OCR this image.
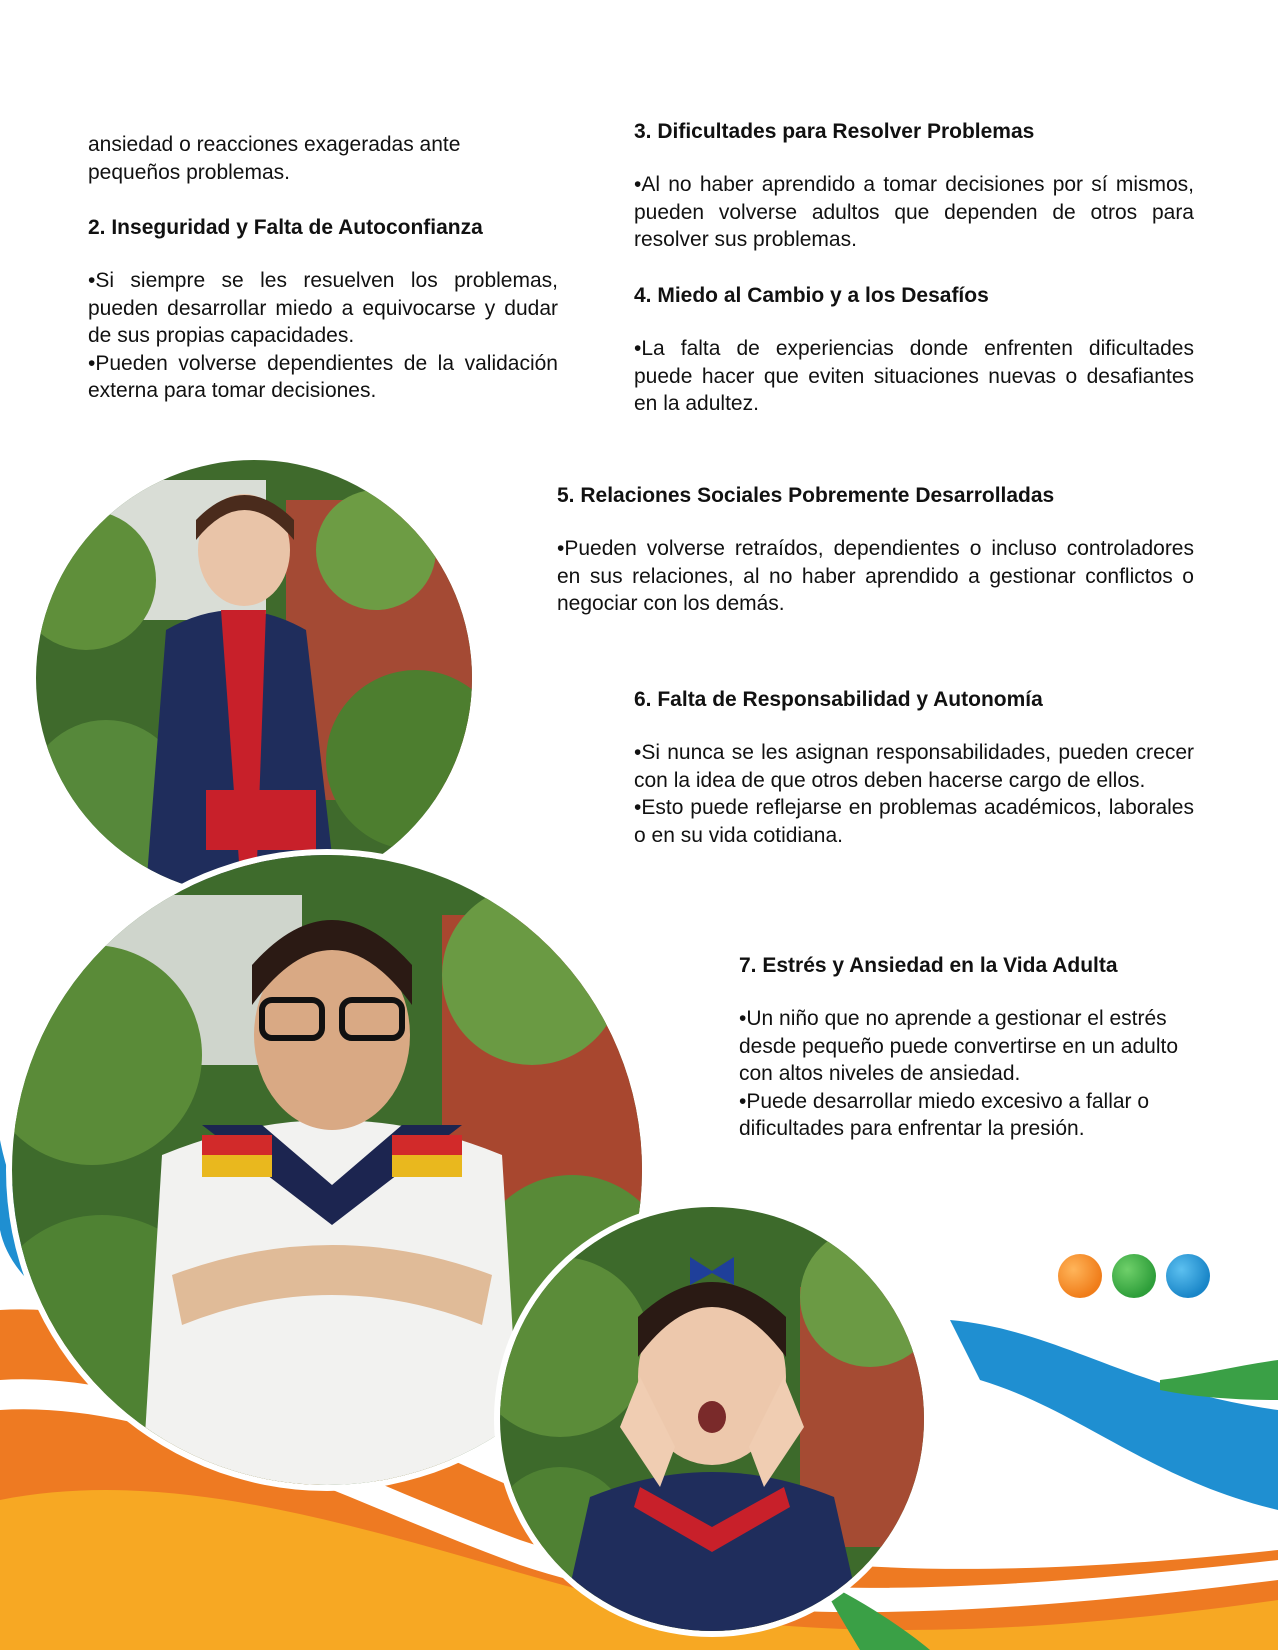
ansiedad o reacciones exageradas ante pequeños problemas.

2. Inseguridad y Falta de Autoconfianza

•Si siempre se les resuelven los problemas, pueden desarrollar miedo a equivocarse y dudar de sus propias capacidades.

•Pueden volverse dependientes de la validación externa para tomar decisiones.

3. Dificultades para Resolver Problemas

•Al no haber aprendido a tomar decisiones por sí mismos, pueden volverse adultos que dependen de otros para resolver sus problemas.

4. Miedo al Cambio y a los Desafíos

•La falta de experiencias donde enfrenten dificultades puede hacer que eviten situaciones nuevas o desafiantes en la adultez.

5. Relaciones Sociales Pobremente Desarrolladas

•Pueden volverse retraídos, dependientes o incluso controladores en sus relaciones, al no haber aprendido a gestionar conflictos o negociar con los demás.

6. Falta de Responsabilidad y Autonomía

•Si nunca se les asignan responsabilidades, pueden crecer con la idea de que otros deben hacerse cargo de ellos.

•Esto puede reflejarse en problemas académicos, laborales o en su vida cotidiana.

7. Estrés y Ansiedad en la Vida Adulta

•Un niño que no aprende a gestionar el estrés desde pequeño puede convertirse en un adulto con altos niveles de ansiedad.

•Puede desarrollar miedo excesivo a fallar o dificultades para enfrentar la presión.
